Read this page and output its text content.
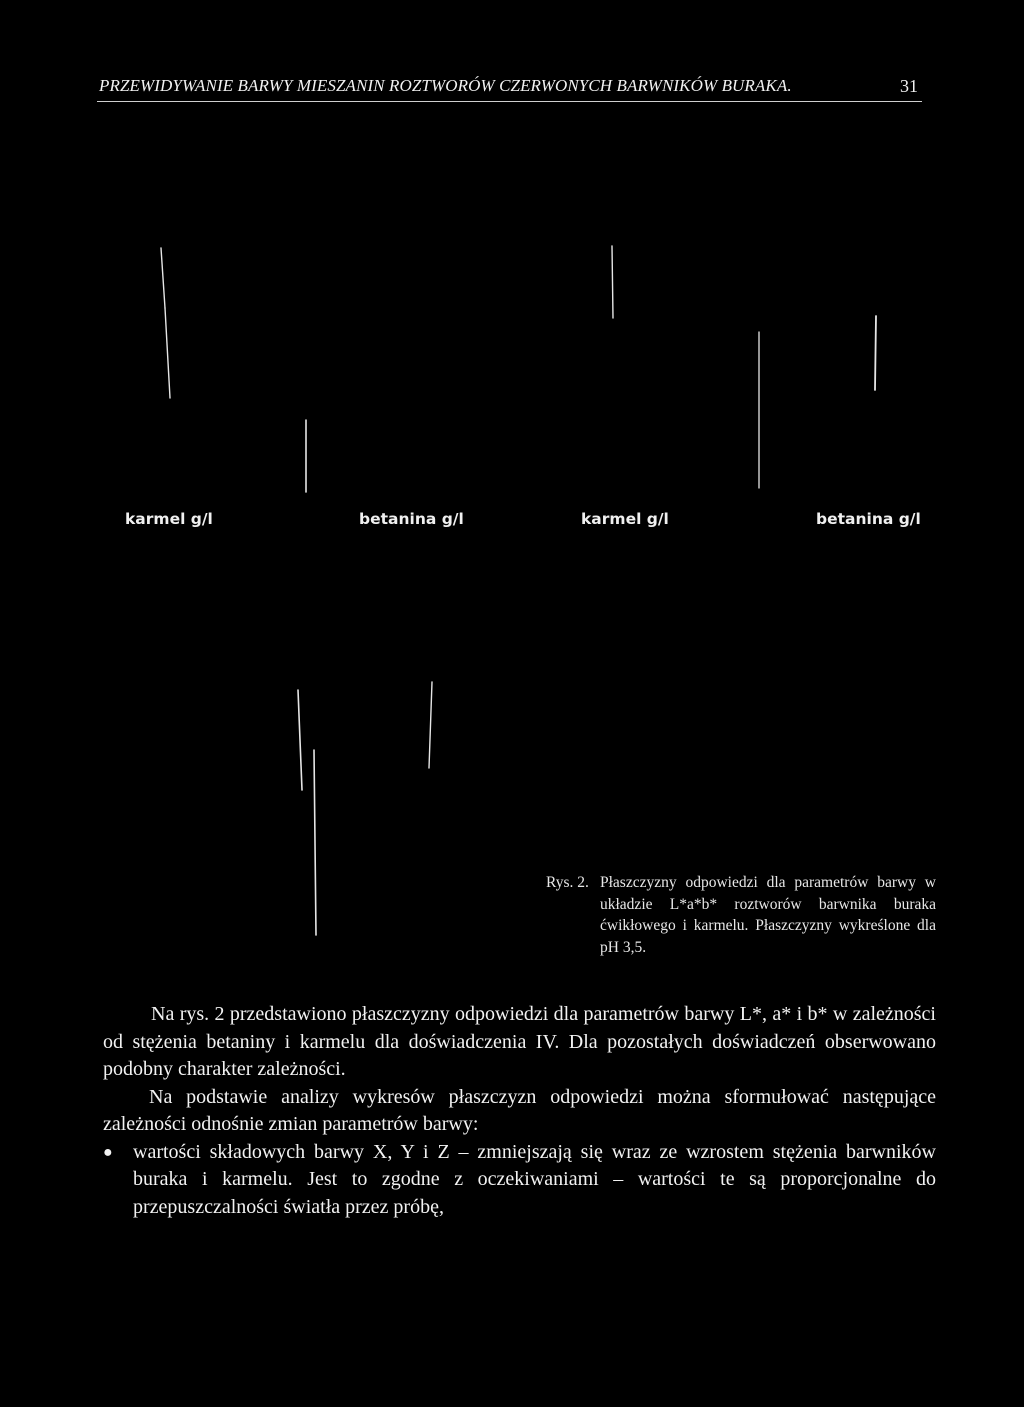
PRZEWIDYWANIE BARWY MIESZANIN ROZTWORÓW CZERWONYCH BARWNIKÓW BURAKA.	31
karmel g/l	betanina g/l	karmel g/l	betanina g/l
Rys. 2. Płaszczyzny odpowiedzi dla parametrów barwy w układzie L*a*b* roztworów barwnika buraka ćwikłowego i karmelu. Płaszczyzny wykreślone dla pH 3,5.

Na rys. 2 przedstawiono płaszczyzny odpowiedzi dla parametrów barwy L*, a* i b* w zależności od stężenia betaniny i karmelu dla doświadczenia IV. Dla pozostałych doświadczeń obserwowano podobny charakter zależności.

Na podstawie analizy wykresów płaszczyzn odpowiedzi można sformułować następujące zależności odnośnie zmian parametrów barwy:

●	wartości składowych barwy X, Y i Z – zmniejszają się wraz ze wzrostem stężenia barwników buraka i karmelu. Jest to zgodne z oczekiwaniami – wartości te są proporcjonalne do przepuszczalności światła przez próbę,
